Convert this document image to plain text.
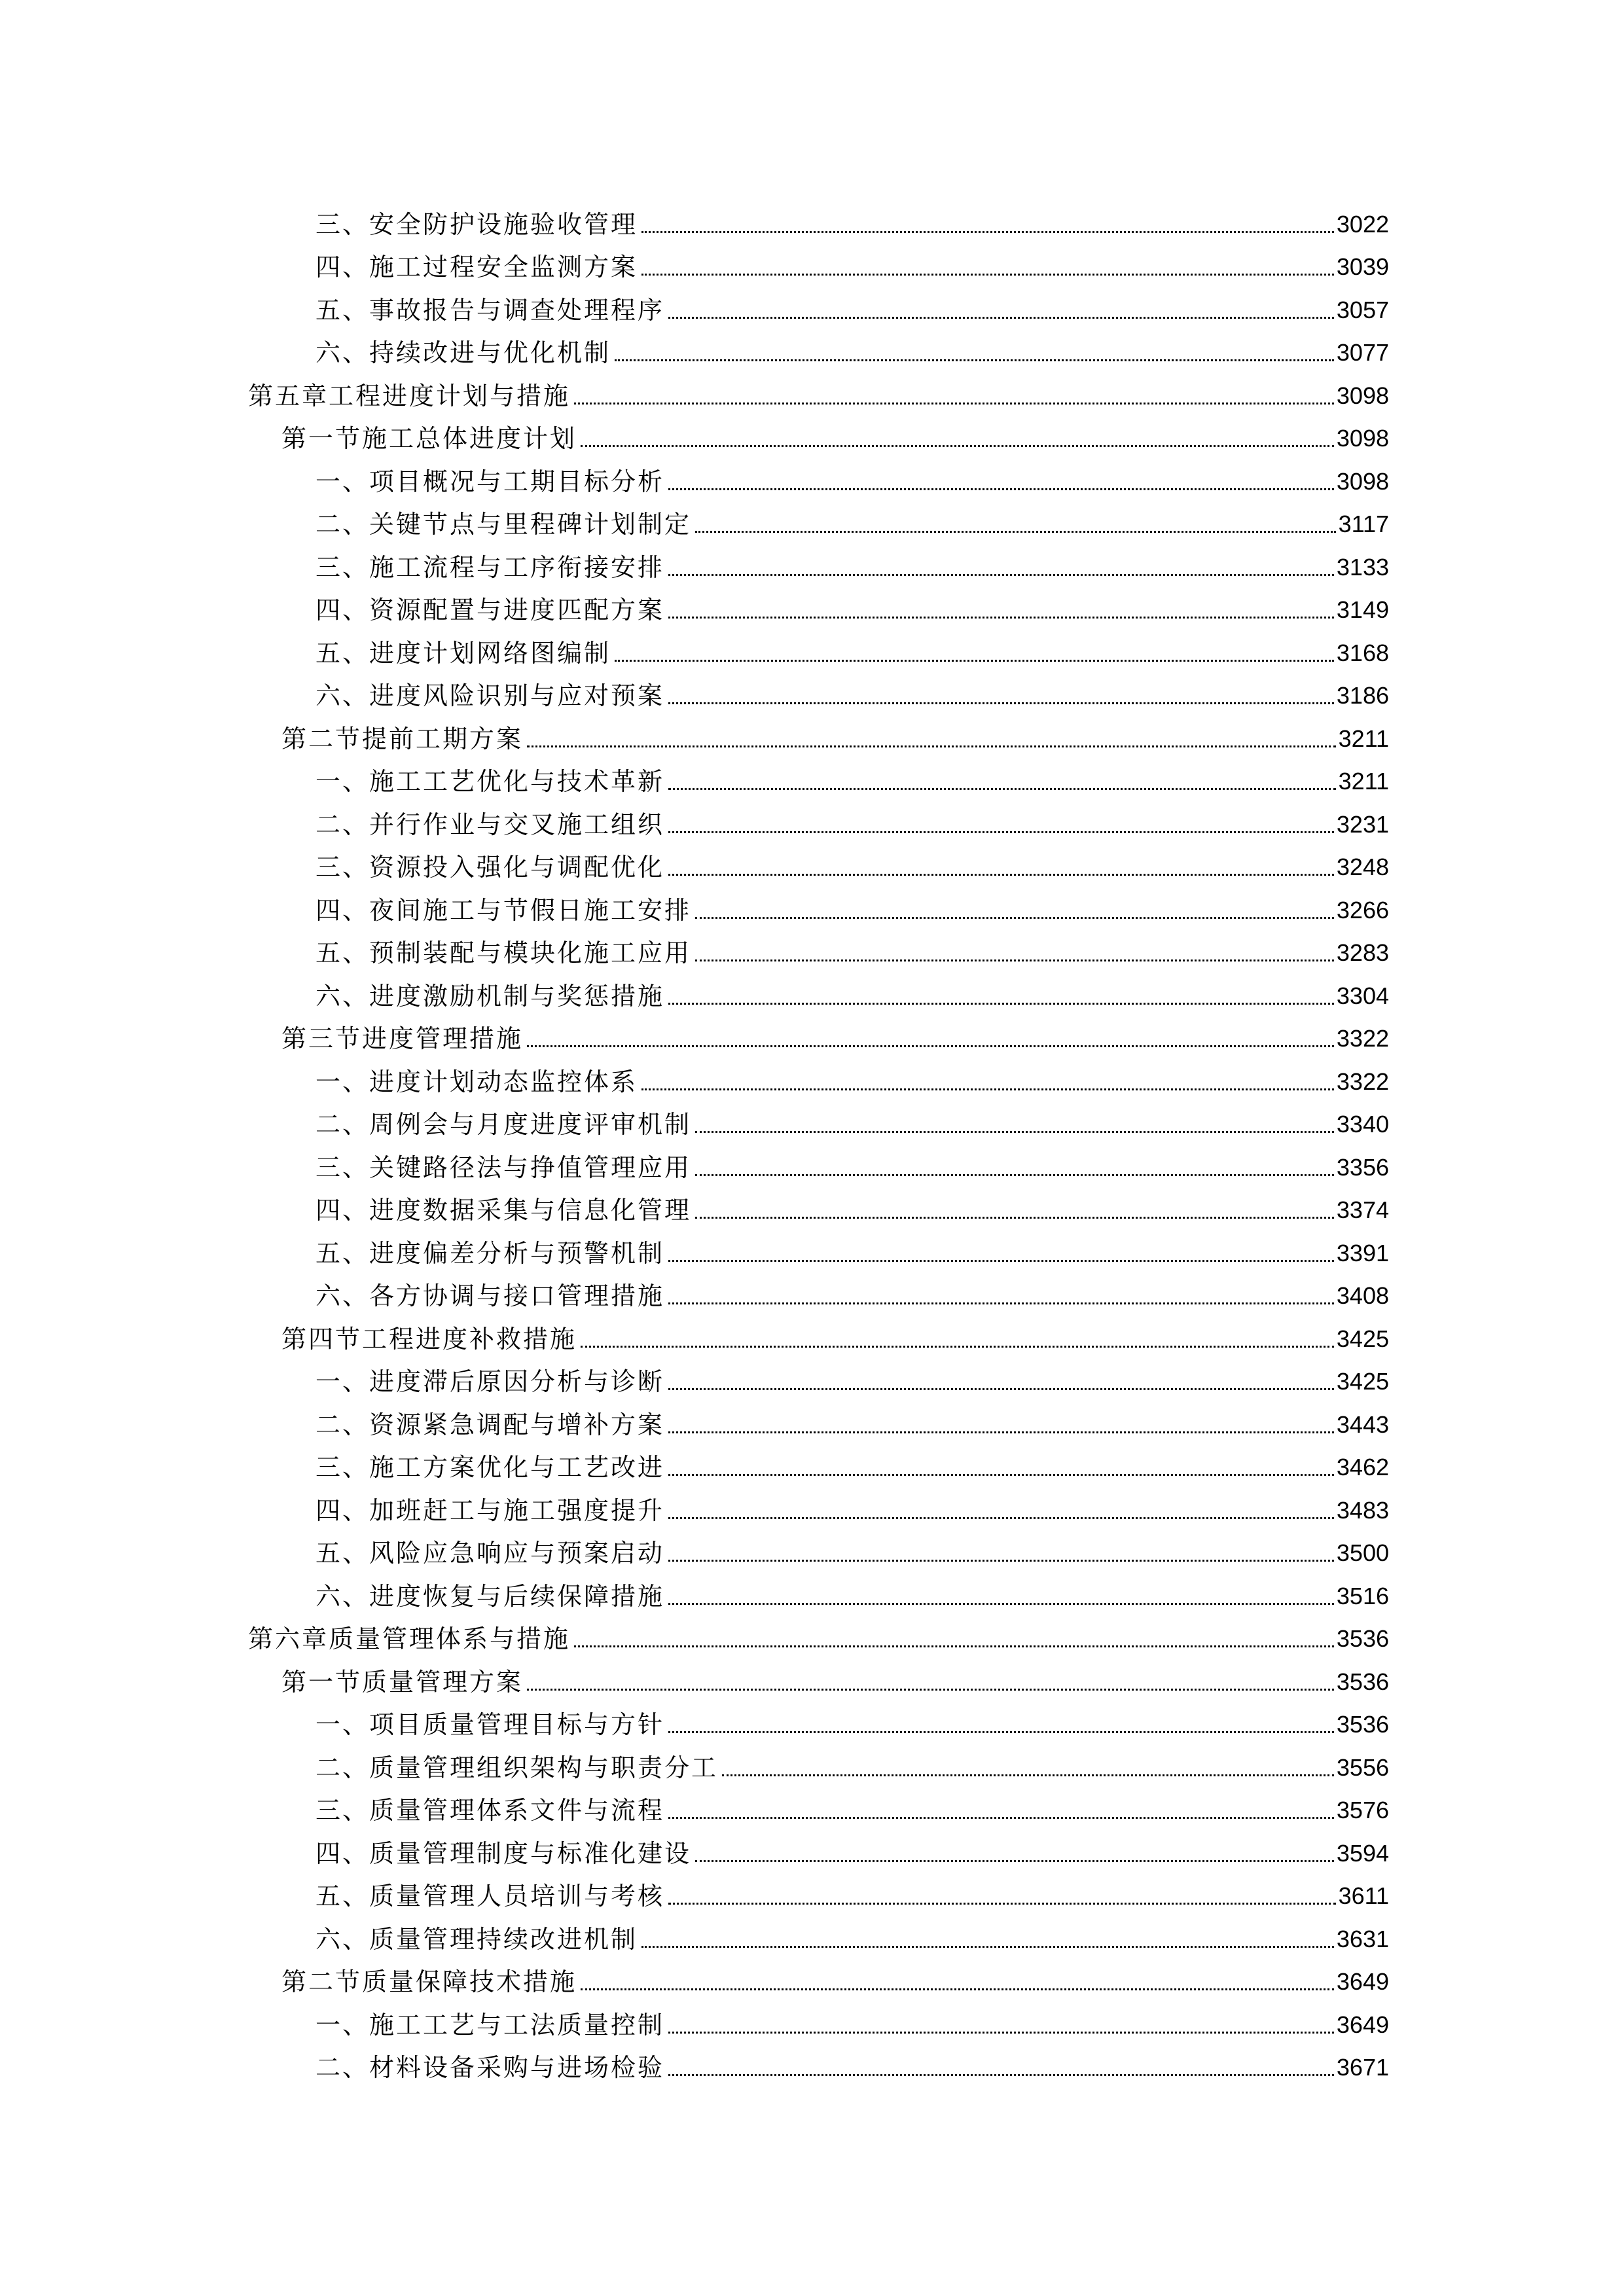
三、安全防护设施验收管理	3022
四、施工过程安全监测方案	3039
五、事故报告与调查处理程序	3057
六、持续改进与优化机制	3077
第五章工程进度计划与措施	3098
第一节施工总体进度计划	3098
一、项目概况与工期目标分析	3098
二、关键节点与里程碑计划制定	3117
三、施工流程与工序衔接安排	3133
四、资源配置与进度匹配方案	3149
五、进度计划网络图编制	3168
六、进度风险识别与应对预案	3186
第二节提前工期方案	3211
一、施工工艺优化与技术革新	3211
二、并行作业与交叉施工组织	3231
三、资源投入强化与调配优化	3248
四、夜间施工与节假日施工安排	3266
五、预制装配与模块化施工应用	3283
六、进度激励机制与奖惩措施	3304
第三节进度管理措施	3322
一、进度计划动态监控体系	3322
二、周例会与月度进度评审机制	3340
三、关键路径法与挣值管理应用	3356
四、进度数据采集与信息化管理	3374
五、进度偏差分析与预警机制	3391
六、各方协调与接口管理措施	3408
第四节工程进度补救措施	3425
一、进度滞后原因分析与诊断	3425
二、资源紧急调配与增补方案	3443
三、施工方案优化与工艺改进	3462
四、加班赶工与施工强度提升	3483
五、风险应急响应与预案启动	3500
六、进度恢复与后续保障措施	3516
第六章质量管理体系与措施	3536
第一节质量管理方案	3536
一、项目质量管理目标与方针	3536
二、质量管理组织架构与职责分工	3556
三、质量管理体系文件与流程	3576
四、质量管理制度与标准化建设	3594
五、质量管理人员培训与考核	3611
六、质量管理持续改进机制	3631
第二节质量保障技术措施	3649
一、施工工艺与工法质量控制	3649
二、材料设备采购与进场检验	3671
